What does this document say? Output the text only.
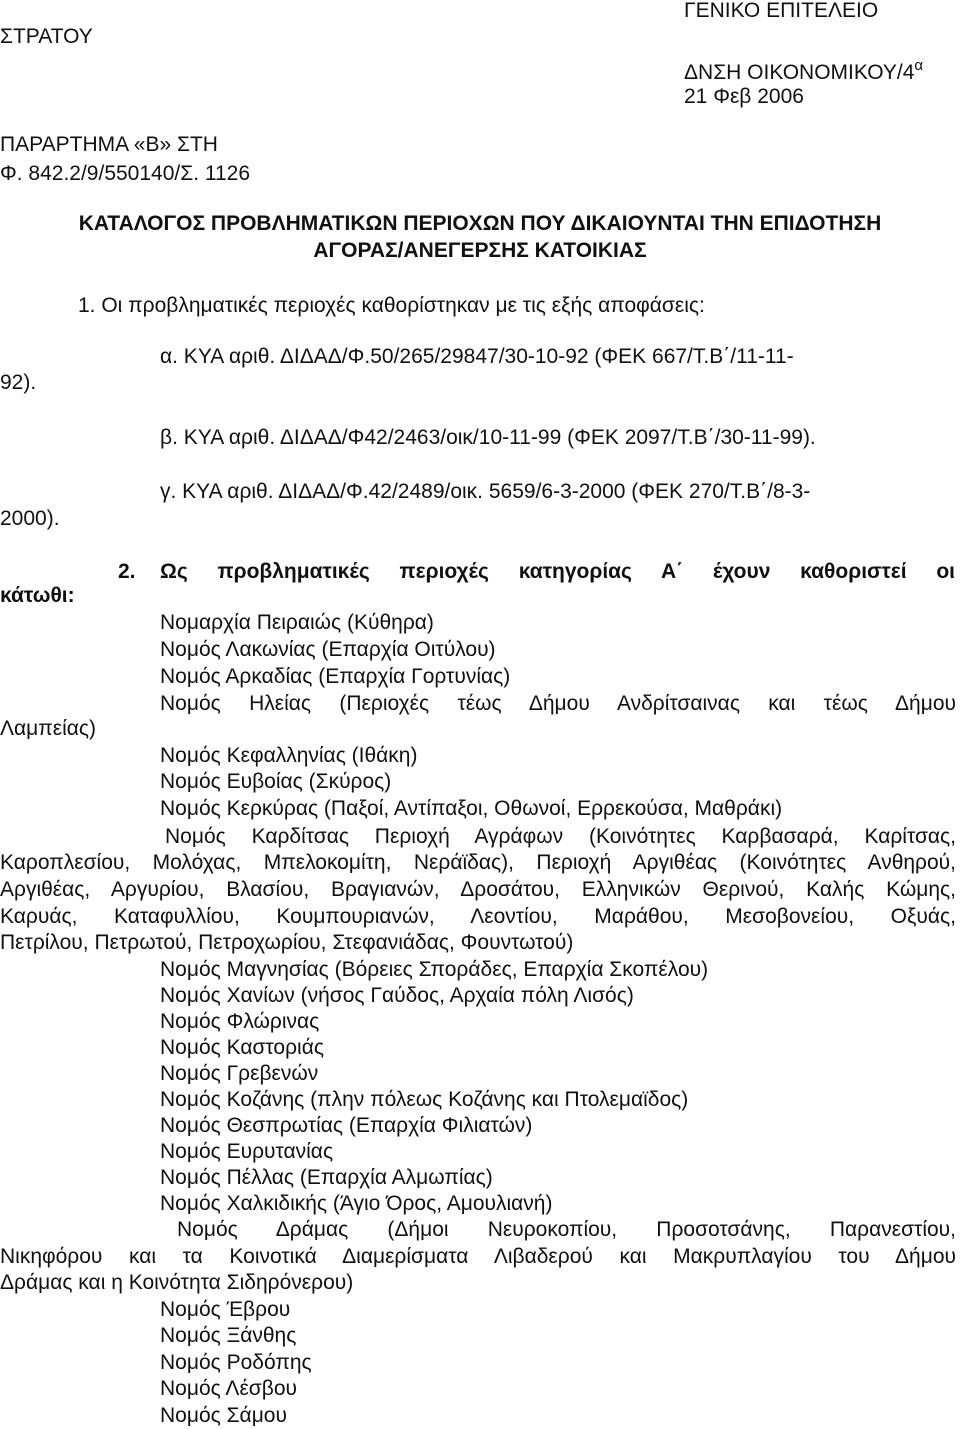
ΣΤΡΑΤΟΥ
ΓΕΝΙΚΟ ΕΠΙΤΕΛΕΙΟ
ΔΝΣΗ ΟΙΚΟΝΟΜΙΚΟΥ/$4^\alpha$
21 Φεβ 2006
ΠΑΡΑΡΤΗΜΑ «Β» ΣΤΗ
Φ. 842.2/9/550140/Σ. 1126
ΚΑΤΑΛΟΓΟΣ ΠΡΟΒΛΗΜΑΤΙΚΩΝ ΠΕΡΙΟΧΩΝ ΠΟΥ ΔΙΚΑΙΟΥΝΤΑΙ ΤΗΝ ΕΠΙΔΟΤΗΣΗ
ΑΓΟΡΑΣ/ΑΝΕΓΕΡΣΗΣ ΚΑΤΟΙΚΙΑΣ
1. Οι προβληματικές περιοχές καθορίστηκαν με τις εξής αποφάσεις:
α. ΚΥΑ αριθ. ΔΙΔΑΔ/Φ.50/265/29847/30-10-92 (ΦΕΚ 667/Τ.Β΄/11-11-
92).
β. ΚΥΑ αριθ. ΔΙΔΑΔ/Φ42/2463/οικ/10-11-99 (ΦΕΚ 2097/Τ.Β΄/30-11-99).
γ. ΚΥΑ αριθ. ΔΙΔΑΔ/Φ.42/2489/οικ. 5659/6-3-2000 (ΦΕΚ 270/Τ.Β΄/8-3-
2000).
2. Ως προβληματικές περιοχές κατηγορίας Α΄ έχουν καθοριστεί οι
κάτωθι:
Νομαρχία Πειραιώς (Κύθηρα)
Νομός Λακωνίας (Επαρχία Οιτύλου)
Νομός Αρκαδίας (Επαρχία Γορτυνίας)
Νομός Ηλείας (Περιοχές τέως Δήμου Ανδρίτσαινας και τέως Δήμου
Λαμπείας)
Νομός Κεφαλληνίας (Ιθάκη)
Νομός Ευβοίας (Σκύρος)
Νομός Κερκύρας (Παξοί, Αντίπαξοι, Οθωνοί, Ερρεκούσα, Μαθράκι)
Νομός Καρδίτσας Περιοχή Αγράφων (Κοινότητες Καρβασαρά, Καρίτσας,
Καροπλεσίου, Μολόχας, Μπελοκομίτη, Νεράϊδας), Περιοχή Αργιθέας (Κοινότητες Ανθηρού,
Αργιθέας, Αργυρίου, Βλασίου, Βραγιανών, Δροσάτου, Ελληνικών Θερινού, Καλής Κώμης,
Καρυάς, Καταφυλλίου, Κουμπουριανών, Λεοντίου, Μαράθου, Μεσοβονείου, Οξυάς,
Πετρίλου, Πετρωτού, Πετροχωρίου, Στεφανιάδας, Φουντωτού)
Νομός Μαγνησίας (Βόρειες Σποράδες, Επαρχία Σκοπέλου)
Νομός Χανίων (νήσος Γαύδος, Αρχαία πόλη Λισός)
Νομός Φλώρινας
Νομός Καστοριάς
Νομός Γρεβενών
Νομός Κοζάνης (πλην πόλεως Κοζάνης και Πτολεμαϊδος)
Νομός Θεσπρωτίας (Επαρχία Φιλιατών)
Νομός Ευρυτανίας
Νομός Πέλλας (Επαρχία Αλμωπίας)
Νομός Χαλκιδικής (Άγιο Όρος, Αμουλιανή)
Νομός Δράμας (Δήμοι Νευροκοπίου, Προσοτσάνης, Παρανεστίου,
Νικηφόρου και τα Κοινοτικά Διαμερίσματα Λιβαδερού και Μακρυπλαγίου του Δήμου
Δράμας και η Κοινότητα Σιδηρόνερου)
Νομός Έβρου
Νομός Ξάνθης
Νομός Ροδόπης
Νομός Λέσβου
Νομός Σάμου
